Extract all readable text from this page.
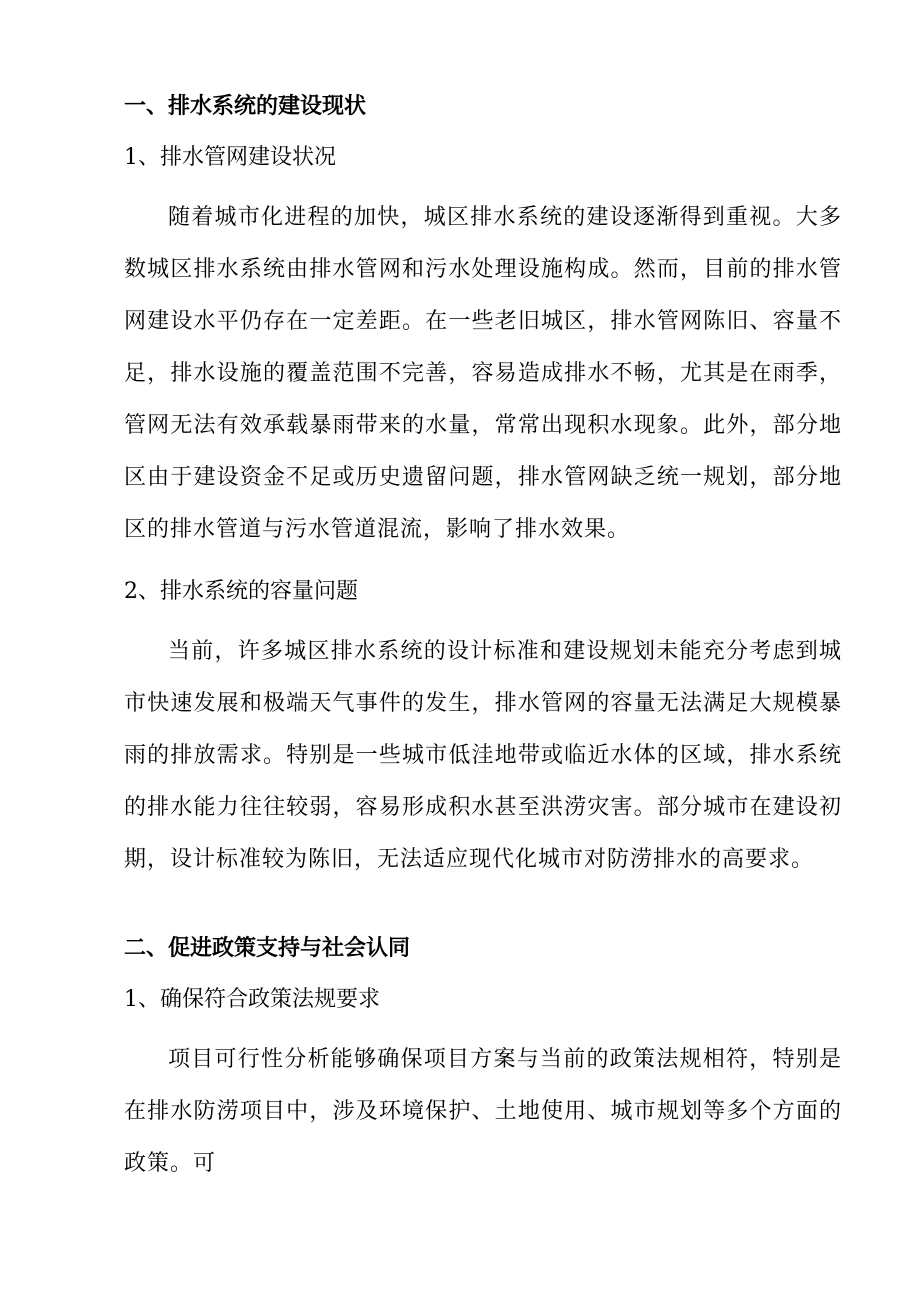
一、排水系统的建设现状
1、排水管网建设状况

随着城市化进程的加快，城区排水系统的建设逐渐得到重视。大多数城区排水系统由排水管网和污水处理设施构成。然而，目前的排水管网建设水平仍存在一定差距。在一些老旧城区，排水管网陈旧、容量不足，排水设施的覆盖范围不完善，容易造成排水不畅，尤其是在雨季，管网无法有效承载暴雨带来的水量，常常出现积水现象。此外，部分地区由于建设资金不足或历史遗留问题，排水管网缺乏统一规划，部分地区的排水管道与污水管道混流，影响了排水效果。

2、排水系统的容量问题

当前，许多城区排水系统的设计标准和建设规划未能充分考虑到城市快速发展和极端天气事件的发生，排水管网的容量无法满足大规模暴雨的排放需求。特别是一些城市低洼地带或临近水体的区域，排水系统的排水能力往往较弱，容易形成积水甚至洪涝灾害。部分城市在建设初期，设计标准较为陈旧，无法适应现代化城市对防涝排水的高要求。

二、促进政策支持与社会认同
1、确保符合政策法规要求

项目可行性分析能够确保项目方案与当前的政策法规相符，特别是在排水防涝项目中，涉及环境保护、土地使用、城市规划等多个方面的政策。可
